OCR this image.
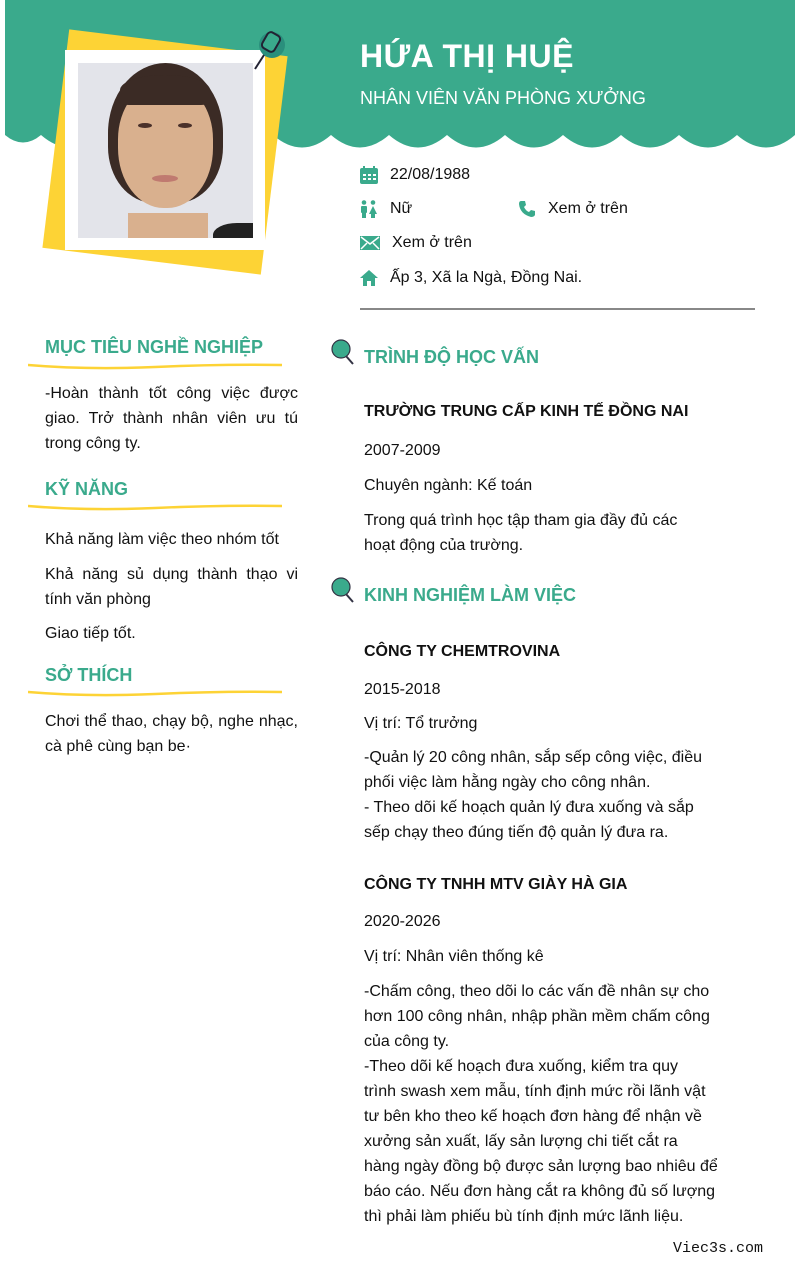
HỨA THỊ HUỆ
NHÂN VIÊN VĂN PHÒNG XƯỞNG
22/08/1988
Nữ	Xem ở trên
Xem ở trên
Ấp 3, Xã la Ngà, Đồng Nai.
MỤC TIÊU NGHỀ NGHIỆP
-Hoàn thành tốt công việc được giao. Trở thành nhân viên ưu tú trong công ty.
KỸ NĂNG
Khả năng làm việc theo nhóm tốt
Khả năng sủ dụng thành thạo vi tính văn phòng
Giao tiếp tốt.
SỞ THÍCH
Chơi thể thao, chạy bộ, nghe nhạc, cà phê cùng bạn be·
TRÌNH ĐỘ HỌC VẤN
TRƯỜNG TRUNG CẤP KINH TẾ ĐỒNG NAI
2007-2009
Chuyên ngành: Kế toán
Trong quá trình học tập tham gia đầy đủ các
hoạt động của trường.
KINH NGHIỆM LÀM VIỆC
CÔNG TY CHEMTROVINA
2015-2018
Vị trí: Tổ trưởng
-Quản lý 20 công nhân, sắp sếp công việc, điều
phối việc làm hằng ngày cho công nhân.
- Theo dõi kế hoạch quản lý đưa xuống và sắp
sếp chạy theo đúng tiến độ quản lý đưa ra.
CÔNG TY TNHH MTV GIÀY HÀ GIA
2020-2026
Vị trí: Nhân viên thống kê
-Chấm công, theo dõi lo các vấn đề nhân sự cho
hơn 100 công nhân, nhập phần mềm chấm công
của công ty.
-Theo dõi kế hoạch đưa xuống, kiểm tra quy
trình swash xem mẫu, tính định mức rồi lãnh vật
tư bên kho theo kế hoạch đơn hàng để nhận về
xưởng sản xuất, lấy sản lượng chi tiết cắt ra
hàng ngày đồng bộ được sản lượng bao nhiêu để
báo cáo. Nếu đơn hàng cắt ra không đủ số lượng
thì phải làm phiếu bù tính định mức lãnh liệu.
Viec3s.com
